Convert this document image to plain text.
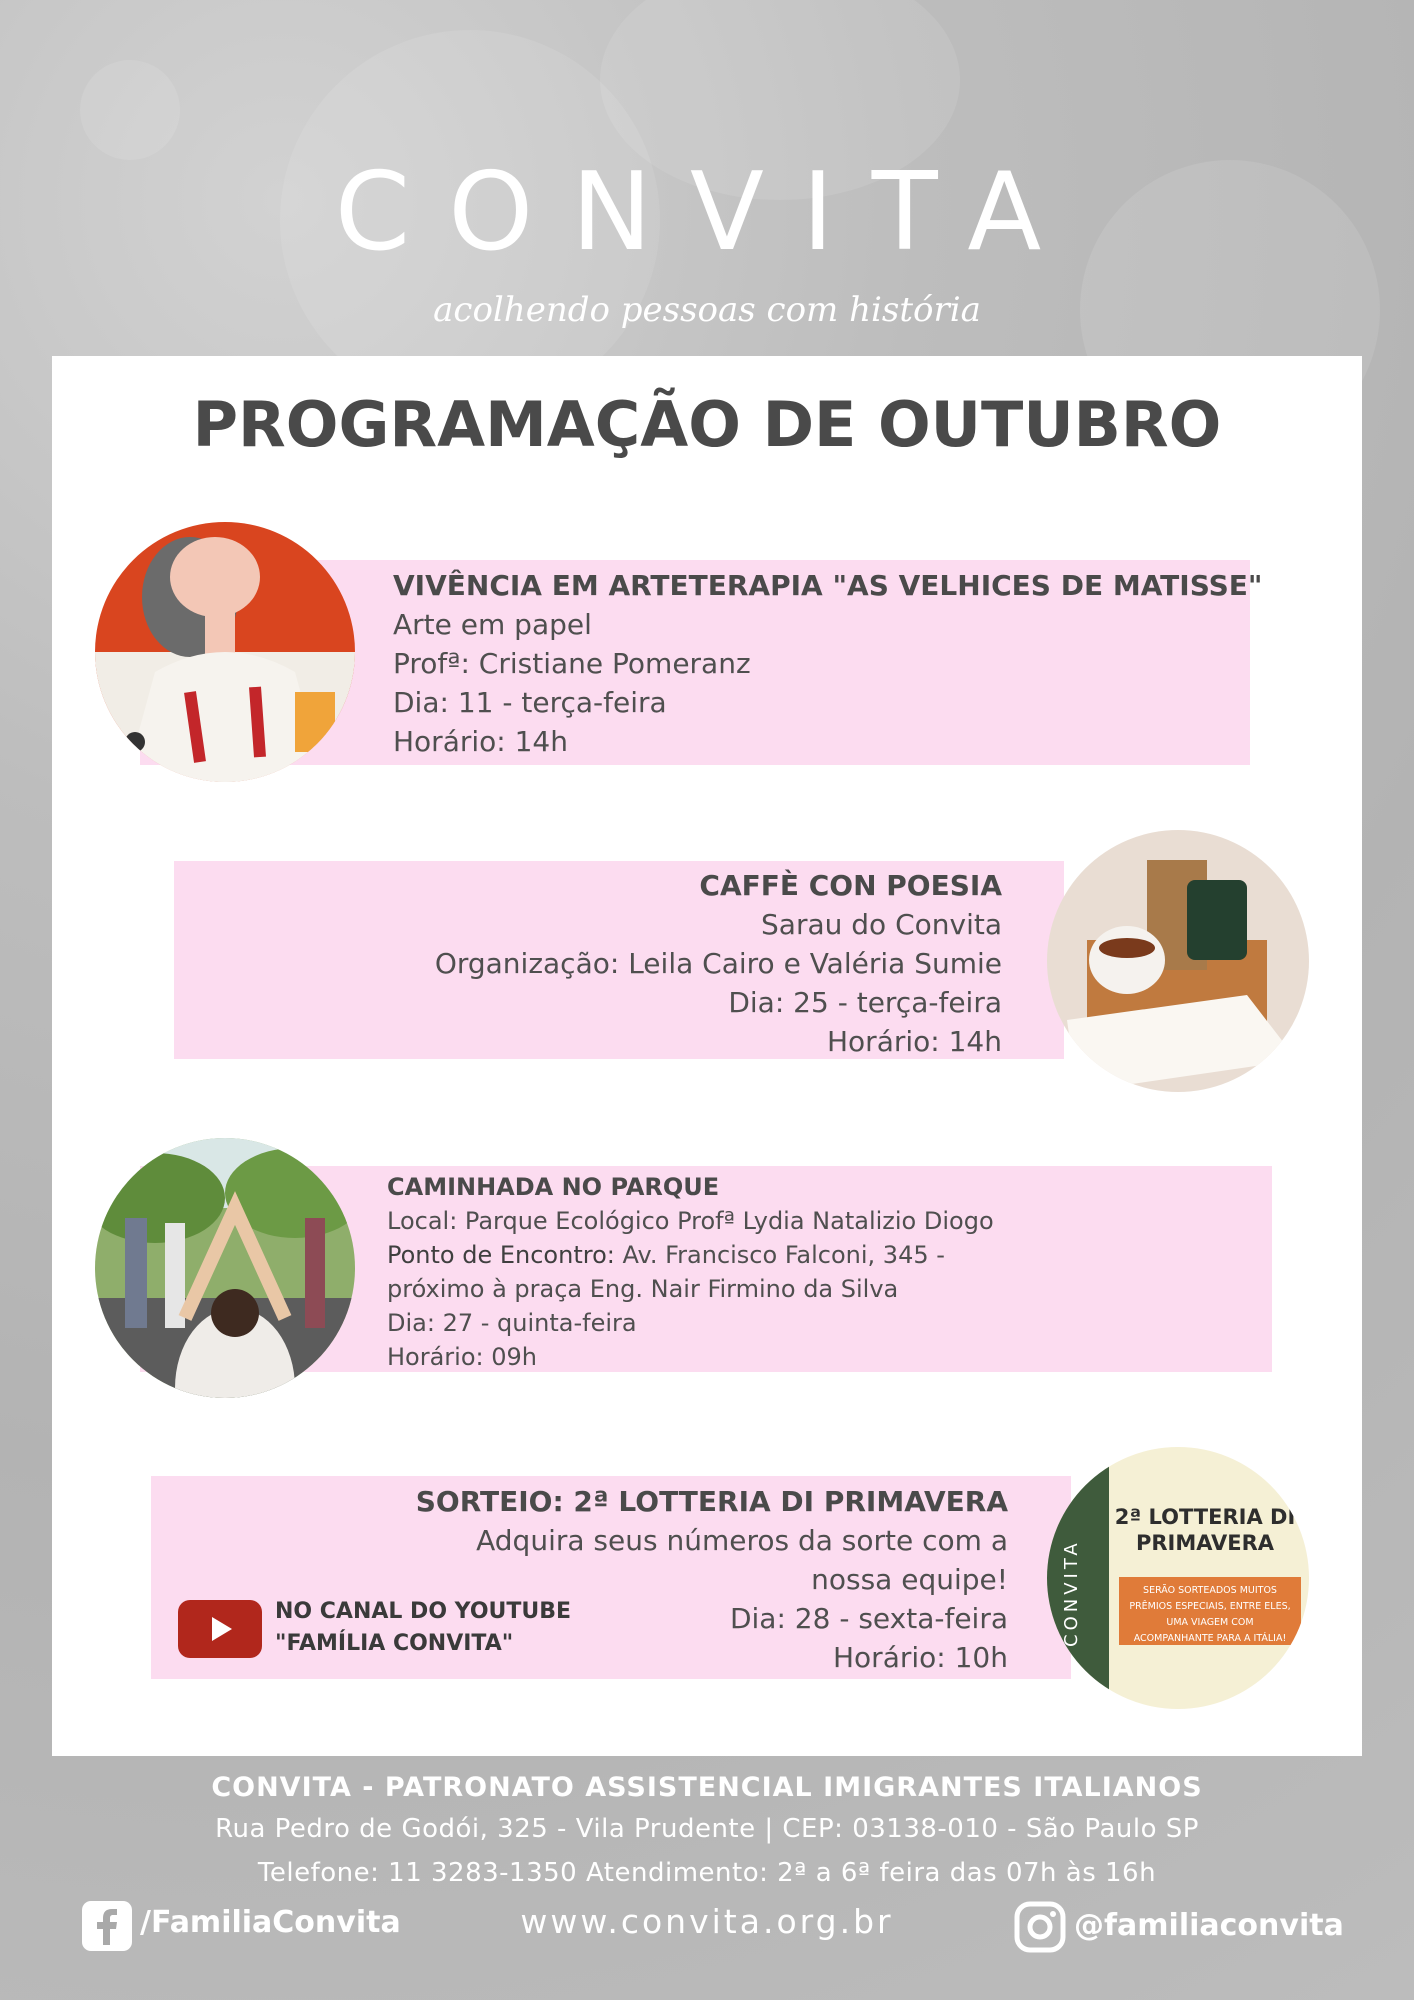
CONVITA
acolhendo pessoas com história
PROGRAMAÇÃO DE OUTUBRO
VIVÊNCIA EM ARTETERAPIA "AS VELHICES DE MATISSE"
Arte em papel
Profª: Cristiane Pomeranz
Dia: 11 - terça-feira
Horário: 14h
CAFFÈ CON POESIA
Sarau do Convita
Organização: Leila Cairo e Valéria Sumie
Dia: 25 - terça-feira
Horário: 14h
CAMINHADA NO PARQUE
Local: Parque Ecológico Profª Lydia Natalizio Diogo
Ponto de Encontro: Av. Francisco Falconi, 345 -
próximo à praça Eng. Nair Firmino da Silva
Dia: 27 - quinta-feira
Horário: 09h
CONVITA
2ª LOTTERIA DI
PRIMAVERA
SERÃO SORTEADOS MUITOS
PRÊMIOS ESPECIAIS, ENTRE ELES,
UMA VIAGEM COM
ACOMPANHANTE PARA A ITÁLIA!
SORTEIO: 2ª LOTTERIA DI PRIMAVERA
Adquira seus números da sorte com a
nossa equipe!
Dia: 28 - sexta-feira
Horário: 10h
NO CANAL DO YOUTUBE
"FAMÍLIA CONVITA"
CONVITA - PATRONATO ASSISTENCIAL IMIGRANTES ITALIANOS
Rua Pedro de Godói, 325 - Vila Prudente | CEP: 03138-010 - São Paulo SP
Telefone: 11 3283-1350 Atendimento: 2ª a 6ª feira das 07h às 16h
/FamiliaConvita	www.convita.org.br	@familiaconvita
